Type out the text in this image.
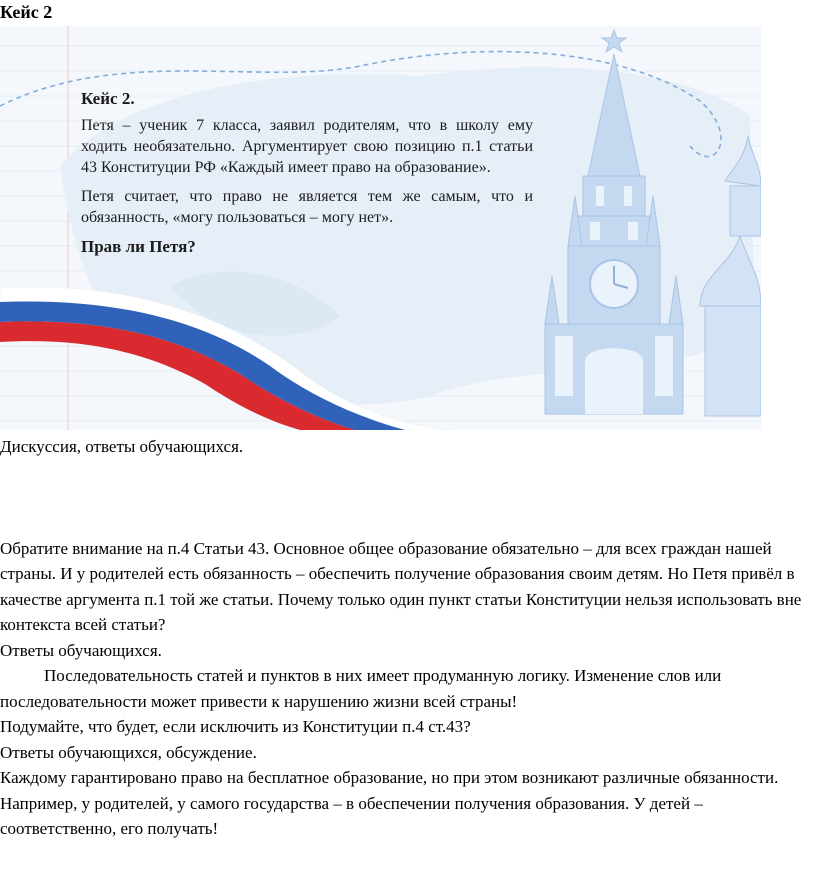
Кейс 2
Кейс 2.

Петя – ученик 7 класса, заявил родителям, что в школу ему ходить необязательно. Аргументирует свою позицию п.1 статьи 43 Конституции РФ «Каждый имеет право на образование».

Петя считает, что право не является тем же самым, что и обязанность, «могу пользоваться – могу нет».

Прав ли Петя?

Дискуссия, ответы обучающихся.

Обратите внимание на п.4 Статьи 43. Основное общее образование обязательно – для всех граждан нашей страны. И у родителей есть обязанность – обеспечить получение образования своим детям. Но Петя привёл в качестве аргумента п.1 той же статьи. Почему только один пункт статьи Конституции нельзя использовать вне контекста всей статьи?

Ответы обучающихся.

Последовательность статей и пунктов в них имеет продуманную логику. Изменение слов или последовательности может привести к нарушению жизни всей страны!

Подумайте, что будет, если исключить из Конституции п.4 ст.43?

Ответы обучающихся, обсуждение.

Каждому гарантировано право на бесплатное образование, но при этом возникают различные обязанности. Например, у родителей, у самого государства – в обеспечении получения образования. У детей – соответственно, его получать!
